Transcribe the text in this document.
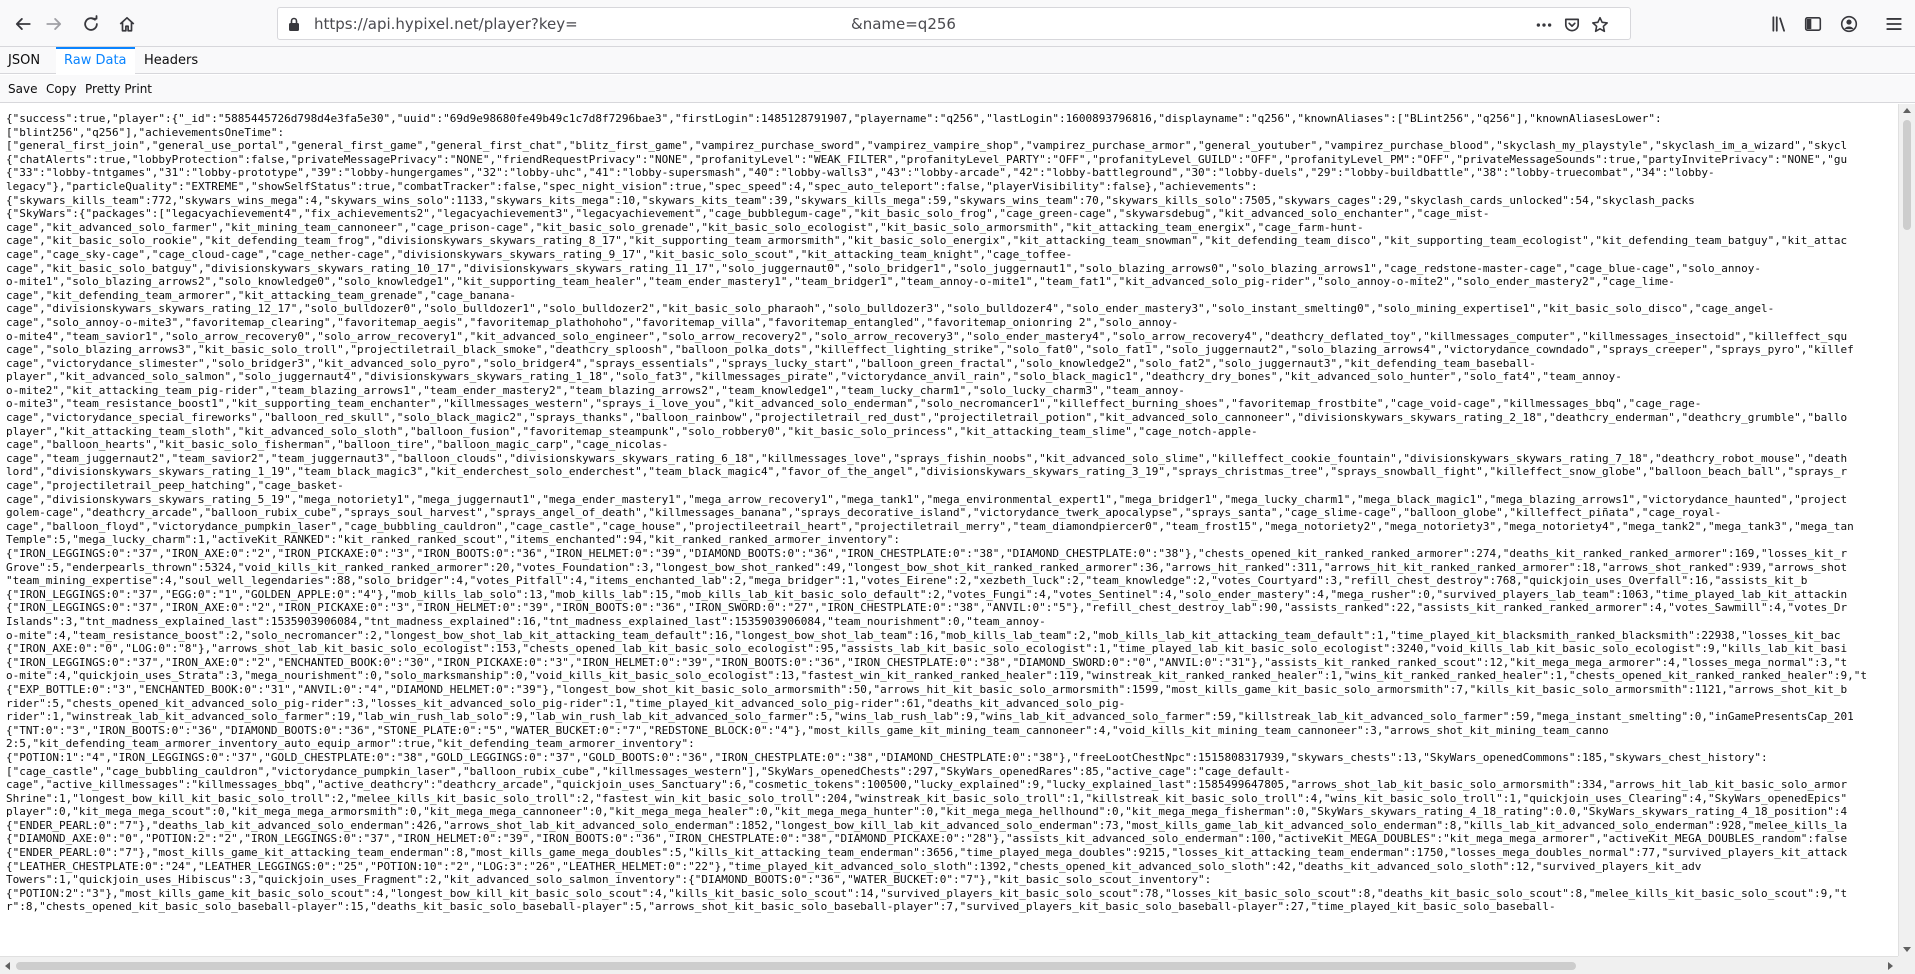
https://api.hypixel.net/player?key=	&name=q256
JSON	Raw Data	Headers
Save Copy Pretty Print
{"success":true,"player":{"_id":"5885445726d798d4e3fa5e30","uuid":"69d9e98680fe49b49c1c7d8f7296bae3","firstLogin":1485128791907,"playername":"q256","lastLogin":1600893796816,"displayname":"q256","knownAliases":["BLint256","q256"],"knownAliasesLower":
["blint256","q256"],"achievementsOneTime":
["general_first_join","general_use_portal","general_first_game","general_first_chat","blitz_first_game","vampirez_purchase_sword","vampirez_vampire_shop","vampirez_purchase_armor","general_youtuber","vampirez_purchase_blood","skyclash_my_playstyle","skyclash_im_a_wizard","skycl
{"chatAlerts":true,"lobbyProtection":false,"privateMessagePrivacy":"NONE","friendRequestPrivacy":"NONE","profanityLevel":"WEAK_FILTER","profanityLevel_PARTY":"OFF","profanityLevel_GUILD":"OFF","profanityLevel_PM":"OFF","privateMessageSounds":true,"partyInvitePrivacy":"NONE","gu
{"33":"lobby-tntgames","31":"lobby-prototype","39":"lobby-hungergames","32":"lobby-uhc","41":"lobby-supersmash","40":"lobby-walls3","43":"lobby-arcade","42":"lobby-battleground","30":"lobby-duels","29":"lobby-buildbattle","38":"lobby-truecombat","34":"lobby-
legacy"},"particleQuality":"EXTREME","showSelfStatus":true,"combatTracker":false,"spec_night_vision":true,"spec_speed":4,"spec_auto_teleport":false,"playerVisibility":false},"achievements":
{"skywars_kills_team":772,"skywars_wins_mega":4,"skywars_wins_solo":1133,"skywars_kits_mega":10,"skywars_kits_team":39,"skywars_kills_mega":59,"skywars_wins_team":70,"skywars_kills_solo":7505,"skywars_cages":29,"skyclash_cards_unlocked":54,"skyclash_packs
{"SkyWars":{"packages":["legacyachievement4","fix_achievements2","legacyachievement3","legacyachievement","cage_bubblegum-cage","kit_basic_solo_frog","cage_green-cage","skywarsdebug","kit_advanced_solo_enchanter","cage_mist-
cage","kit_advanced_solo_farmer","kit_mining_team_cannoneer","cage_prison-cage","kit_basic_solo_grenade","kit_basic_solo_ecologist","kit_basic_solo_armorsmith","kit_attacking_team_energix","cage_farm-hunt-
cage","kit_basic_solo_rookie","kit_defending_team_frog","divisionskywars_skywars_rating_8_17","kit_supporting_team_armorsmith","kit_basic_solo_energix","kit_attacking_team_snowman","kit_defending_team_disco","kit_supporting_team_ecologist","kit_defending_team_batguy","kit_attac
cage","cage_sky-cage","cage_cloud-cage","cage_nether-cage","divisionskywars_skywars_rating_9_17","kit_basic_solo_scout","kit_attacking_team_knight","cage_toffee-
cage","kit_basic_solo_batguy","divisionskywars_skywars_rating_10_17","divisionskywars_skywars_rating_11_17","solo_juggernaut0","solo_bridger1","solo_juggernaut1","solo_blazing_arrows0","solo_blazing_arrows1","cage_redstone-master-cage","cage_blue-cage","solo_annoy-
o-mite1","solo_blazing_arrows2","solo_knowledge0","solo_knowledge1","kit_supporting_team_healer","team_ender_mastery1","team_bridger1","team_annoy-o-mite1","team_fat1","kit_advanced_solo_pig-rider","solo_annoy-o-mite2","solo_ender_mastery2","cage_lime-
cage","kit_defending_team_armorer","kit_attacking_team_grenade","cage_banana-
cage","divisionskywars_skywars_rating_12_17","solo_bulldozer0","solo_bulldozer1","solo_bulldozer2","kit_basic_solo_pharaoh","solo_bulldozer3","solo_bulldozer4","solo_ender_mastery3","solo_instant_smelting0","solo_mining_expertise1","kit_basic_solo_disco","cage_angel-
cage","solo_annoy-o-mite3","favoritemap_clearing","favoritemap_aegis","favoritemap_plathohoho","favoritemap_villa","favoritemap_entangled","favoritemap_onionring 2","solo_annoy-
o-mite4","team_savior1","solo_arrow_recovery0","solo_arrow_recovery1","kit_advanced_solo_engineer","solo_arrow_recovery2","solo_arrow_recovery3","solo_ender_mastery4","solo_arrow_recovery4","deathcry_deflated_toy","killmessages_computer","killmessages_insectoid","killeffect_squ
cage","solo_blazing_arrows3","kit_basic_solo_troll","projectiletrail_black_smoke","deathcry_sploosh","balloon_polka_dots","killeffect_lighting_strike","solo_fat0","solo_fat1","solo_juggernaut2","solo_blazing_arrows4","victorydance_cowndado","sprays_creeper","sprays_pyro","killef
cage","victorydance_slimester","solo_bridger3","kit_advanced_solo_pyro","solo_bridger4","sprays_essentials","sprays_lucky_start","balloon_green_fractal","solo_knowledge2","solo_fat2","solo_juggernaut3","kit_defending_team_baseball-
player","kit_advanced_solo_salmon","solo_juggernaut4","divisionskywars_skywars_rating_1_18","solo_fat3","killmessages_pirate","victorydance_anvil_rain","solo_black_magic1","deathcry_dry_bones","kit_advanced_solo_hunter","solo_fat4","team_annoy-
o-mite2","kit_attacking_team_pig-rider","team_blazing_arrows1","team_ender_mastery2","team_blazing_arrows2","team_knowledge1","team_lucky_charm1","solo_lucky_charm3","team_annoy-
o-mite3","team_resistance_boost1","kit_supporting_team_enchanter","killmessages_western","sprays_i_love_you","kit_advanced_solo_enderman","solo_necromancer1","killeffect_burning_shoes","favoritemap_frostbite","cage_void-cage","killmessages_bbq","cage_rage-
cage","victorydance_special_fireworks","balloon_red_skull","solo_black_magic2","sprays_thanks","balloon_rainbow","projectiletrail_red_dust","projectiletrail_potion","kit_advanced_solo_cannoneer","divisionskywars_skywars_rating_2_18","deathcry_enderman","deathcry_grumble","ballo
player","kit_attacking_team_sloth","kit_advanced_solo_sloth","balloon_fusion","favoritemap_steampunk","solo_robbery0","kit_basic_solo_princess","kit_attacking_team_slime","cage_notch-apple-
cage","balloon_hearts","kit_basic_solo_fisherman","balloon_tire","balloon_magic_carp","cage_nicolas-
cage","team_juggernaut2","team_savior2","team_juggernaut3","balloon_clouds","divisionskywars_skywars_rating_6_18","killmessages_love","sprays_fishin_noobs","kit_advanced_solo_slime","killeffect_cookie_fountain","divisionskywars_skywars_rating_7_18","deathcry_robot_mouse","death
lord","divisionskywars_skywars_rating_1_19","team_black_magic3","kit_enderchest_solo_enderchest","team_black_magic4","favor_of_the_angel","divisionskywars_skywars_rating_3_19","sprays_christmas_tree","sprays_snowball_fight","killeffect_snow_globe","balloon_beach_ball","sprays_r
cage","projectiletrail_peep_hatching","cage_basket-
cage","divisionskywars_skywars_rating_5_19","mega_notoriety1","mega_juggernaut1","mega_ender_mastery1","mega_arrow_recovery1","mega_tank1","mega_environmental_expert1","mega_bridger1","mega_lucky_charm1","mega_black_magic1","mega_blazing_arrows1","victorydance_haunted","project
golem-cage","deathcry_arcade","balloon_rubix_cube","sprays_soul_harvest","sprays_angel_of_death","killmessages_banana","sprays_decorative_island","victorydance_twerk_apocalypse","sprays_santa","cage_slime-cage","balloon_globe","killeffect_piñata","cage_royal-
cage","balloon_floyd","victorydance_pumpkin_laser","cage_bubbling_cauldron","cage_castle","cage_house","projectileetrail_heart","projectiletrail_merry","team_diamondpiercer0","team_frost15","mega_notoriety2","mega_notoriety3","mega_notoriety4","mega_tank2","mega_tank3","mega_tan
Temple":5,"mega_lucky_charm":1,"activeKit_RANKED":"kit_ranked_ranked_scout","items_enchanted":94,"kit_ranked_ranked_armorer_inventory":
{"IRON_LEGGINGS:0":"37","IRON_AXE:0":"2","IRON_PICKAXE:0":"3","IRON_BOOTS:0":"36","IRON_HELMET:0":"39","DIAMOND_BOOTS:0":"36","IRON_CHESTPLATE:0":"38","DIAMOND_CHESTPLATE:0":"38"},"chests_opened_kit_ranked_ranked_armorer":274,"deaths_kit_ranked_ranked_armorer":169,"losses_kit_r
Grove":5,"enderpearls_thrown":5324,"void_kills_kit_ranked_ranked_armorer":20,"votes_Foundation":3,"longest_bow_shot_ranked":49,"longest_bow_shot_kit_ranked_ranked_armorer":36,"arrows_hit_ranked":311,"arrows_hit_kit_ranked_ranked_armorer":18,"arrows_shot_ranked":939,"arrows_shot
"team_mining_expertise":4,"soul_well_legendaries":88,"solo_bridger":4,"votes_Pitfall":4,"items_enchanted_lab":2,"mega_bridger":1,"votes_Eirene":2,"xezbeth_luck":2,"team_knowledge":2,"votes_Courtyard":3,"refill_chest_destroy":768,"quickjoin_uses_Overfall":16,"assists_kit_b
{"IRON_LEGGINGS:0":"37","EGG:0":"1","GOLDEN_APPLE:0":"4"},"mob_kills_lab_solo":13,"mob_kills_lab":15,"mob_kills_lab_kit_basic_solo_default":2,"votes_Fungi":4,"votes_Sentinel":4,"solo_ender_mastery":4,"mega_rusher":0,"survived_players_lab_team":1063,"time_played_lab_kit_attackin
{"IRON_LEGGINGS:0":"37","IRON_AXE:0":"2","IRON_PICKAXE:0":"3","IRON_HELMET:0":"39","IRON_BOOTS:0":"36","IRON_SWORD:0":"27","IRON_CHESTPLATE:0":"38","ANVIL:0":"5"},"refill_chest_destroy_lab":90,"assists_ranked":22,"assists_kit_ranked_ranked_armorer":4,"votes_Sawmill":4,"votes_Dr
Islands":3,"tnt_madness_explained_last":1535903906084,"tnt_madness_explained":16,"tnt_madness_explained_last":1535903906084,"team_nourishment":0,"team_annoy-
o-mite":4,"team_resistance_boost":2,"solo_necromancer":2,"longest_bow_shot_lab_kit_attacking_team_default":16,"longest_bow_shot_lab_team":16,"mob_kills_lab_team":2,"mob_kills_lab_kit_attacking_team_default":1,"time_played_kit_blacksmith_ranked_blacksmith":22938,"losses_kit_bac
{"IRON_AXE:0":"0","LOG:0":"8"},"arrows_shot_lab_kit_basic_solo_ecologist":153,"chests_opened_lab_kit_basic_solo_ecologist":95,"assists_lab_kit_basic_solo_ecologist":1,"time_played_lab_kit_basic_solo_ecologist":3240,"void_kills_lab_kit_basic_solo_ecologist":9,"kills_lab_kit_basi
{"IRON_LEGGINGS:0":"37","IRON_AXE:0":"2","ENCHANTED_BOOK:0":"30","IRON_PICKAXE:0":"3","IRON_HELMET:0":"39","IRON_BOOTS:0":"36","IRON_CHESTPLATE:0":"38","DIAMOND_SWORD:0":"0","ANVIL:0":"31"},"assists_kit_ranked_ranked_scout":12,"kit_mega_mega_armorer":4,"losses_mega_normal":3,"t
o-mite":4,"quickjoin_uses_Strata":3,"mega_nourishment":0,"solo_marksmanship":0,"void_kills_kit_basic_solo_ecologist":13,"fastest_win_kit_ranked_ranked_healer":119,"winstreak_kit_ranked_ranked_healer":1,"wins_kit_ranked_ranked_healer":1,"chests_opened_kit_ranked_ranked_healer":9,"t
{"EXP_BOTTLE:0":"3","ENCHANTED_BOOK:0":"31","ANVIL:0":"4","DIAMOND_HELMET:0":"39"},"longest_bow_shot_kit_basic_solo_armorsmith":50,"arrows_hit_kit_basic_solo_armorsmith":1599,"most_kills_game_kit_basic_solo_armorsmith":7,"kills_kit_basic_solo_armorsmith":1121,"arrows_shot_kit_b
rider":5,"chests_opened_kit_advanced_solo_pig-rider":3,"losses_kit_advanced_solo_pig-rider":1,"time_played_kit_advanced_solo_pig-rider":61,"deaths_kit_advanced_solo_pig-
rider":1,"winstreak_lab_kit_advanced_solo_farmer":19,"lab_win_rush_lab_solo":9,"lab_win_rush_lab_kit_advanced_solo_farmer":5,"wins_lab_rush_lab":9,"wins_lab_kit_advanced_solo_farmer":59,"killstreak_lab_kit_advanced_solo_farmer":59,"mega_instant_smelting":0,"inGamePresentsCap_201
{"TNT:0":"3","IRON_BOOTS:0":"36","DIAMOND_BOOTS:0":"36","STONE_PLATE:0":"5","WATER_BUCKET:0":"7","REDSTONE_BLOCK:0":"4"},"most_kills_game_kit_mining_team_cannoneer":4,"void_kills_kit_mining_team_cannoneer":3,"arrows_shot_kit_mining_team_canno
2:5,"kit_defending_team_armorer_inventory_auto_equip_armor":true,"kit_defending_team_armorer_inventory":
{"POTION:1":"4","IRON_LEGGINGS:0":"37","GOLD_CHESTPLATE:0":"38","GOLD_LEGGINGS:0":"37","GOLD_BOOTS:0":"36","IRON_CHESTPLATE:0":"38","DIAMOND_CHESTPLATE:0":"38"},"freeLootChestNpc":1515808317939,"skywars_chests":13,"SkyWars_openedCommons":185,"skywars_chest_history":
["cage_castle","cage_bubbling_cauldron","victorydance_pumpkin_laser","balloon_rubix_cube","killmessages_western"],"SkyWars_openedChests":297,"SkyWars_openedRares":85,"active_cage":"cage_default-
cage","active_killmessages":"killmessages_bbq","active_deathcry":"deathcry_arcade","quickjoin_uses_Sanctuary":6,"cosmetic_tokens":100500,"lucky_explained":9,"lucky_explained_last":1585499647805,"arrows_shot_lab_kit_basic_solo_armorsmith":334,"arrows_hit_lab_kit_basic_solo_armor
Shrine":1,"longest_bow_kill_kit_basic_solo_troll":2,"melee_kills_kit_basic_solo_troll":2,"fastest_win_kit_basic_solo_troll":204,"winstreak_kit_basic_solo_troll":1,"killstreak_kit_basic_solo_troll":4,"wins_kit_basic_solo_troll":1,"quickjoin_uses_Clearing":4,"SkyWars_openedEpics"
player":0,"kit_mega_mega_scout":0,"kit_mega_mega_armorsmith":0,"kit_mega_mega_cannoneer":0,"kit_mega_mega_healer":0,"kit_mega_mega_hunter":0,"kit_mega_mega_hellhound":0,"kit_mega_mega_fisherman":0,"SkyWars_skywars_rating_4_18_rating":0.0,"SkyWars_skywars_rating_4_18_position":4
{"ENDER_PEARL:0":"7"},"deaths_lab_kit_advanced_solo_enderman":426,"arrows_shot_lab_kit_advanced_solo_enderman":1852,"longest_bow_kill_lab_kit_advanced_solo_enderman":73,"most_kills_game_lab_kit_advanced_solo_enderman":8,"kills_lab_kit_advanced_solo_enderman":928,"melee_kills_la
{"DIAMOND_AXE:0":"0","POTION:2":"2","IRON_LEGGINGS:0":"37","IRON_HELMET:0":"39","IRON_BOOTS:0":"36","IRON_CHESTPLATE:0":"38","DIAMOND_PICKAXE:0":"28"},"assists_kit_advanced_solo_enderman":100,"activeKit_MEGA_DOUBLES":"kit_mega_mega_armorer","activeKit_MEGA_DOUBLES_random":false
{"ENDER_PEARL:0":"7"},"most_kills_game_kit_attacking_team_enderman":8,"most_kills_game_mega_doubles":5,"kills_kit_attacking_team_enderman":3656,"time_played_mega_doubles":9215,"losses_kit_attacking_team_enderman":1750,"losses_mega_doubles_normal":77,"survived_players_kit_attack
{"LEATHER_CHESTPLATE:0":"24","LEATHER_LEGGINGS:0":"25","POTION:10":"2","LOG:3":"26","LEATHER_HELMET:0":"22"},"time_played_kit_advanced_solo_sloth":1392,"chests_opened_kit_advanced_solo_sloth":42,"deaths_kit_advanced_solo_sloth":12,"survived_players_kit_adv
Towers":1,"quickjoin_uses_Hibiscus":3,"quickjoin_uses_Fragment":2,"kit_advanced_solo_salmon_inventory":{"DIAMOND_BOOTS:0":"36","WATER_BUCKET:0":"7"},"kit_basic_solo_scout_inventory":
{"POTION:2":"3"},"most_kills_game_kit_basic_solo_scout":4,"longest_bow_kill_kit_basic_solo_scout":4,"kills_kit_basic_solo_scout":14,"survived_players_kit_basic_solo_scout":78,"losses_kit_basic_solo_scout":8,"deaths_kit_basic_solo_scout":8,"melee_kills_kit_basic_solo_scout":9,"t
r":8,"chests_opened_kit_basic_solo_baseball-player":15,"deaths_kit_basic_solo_baseball-player":5,"arrows_shot_kit_basic_solo_baseball-player":7,"survived_players_kit_basic_solo_baseball-player":27,"time_played_kit_basic_solo_baseball-
